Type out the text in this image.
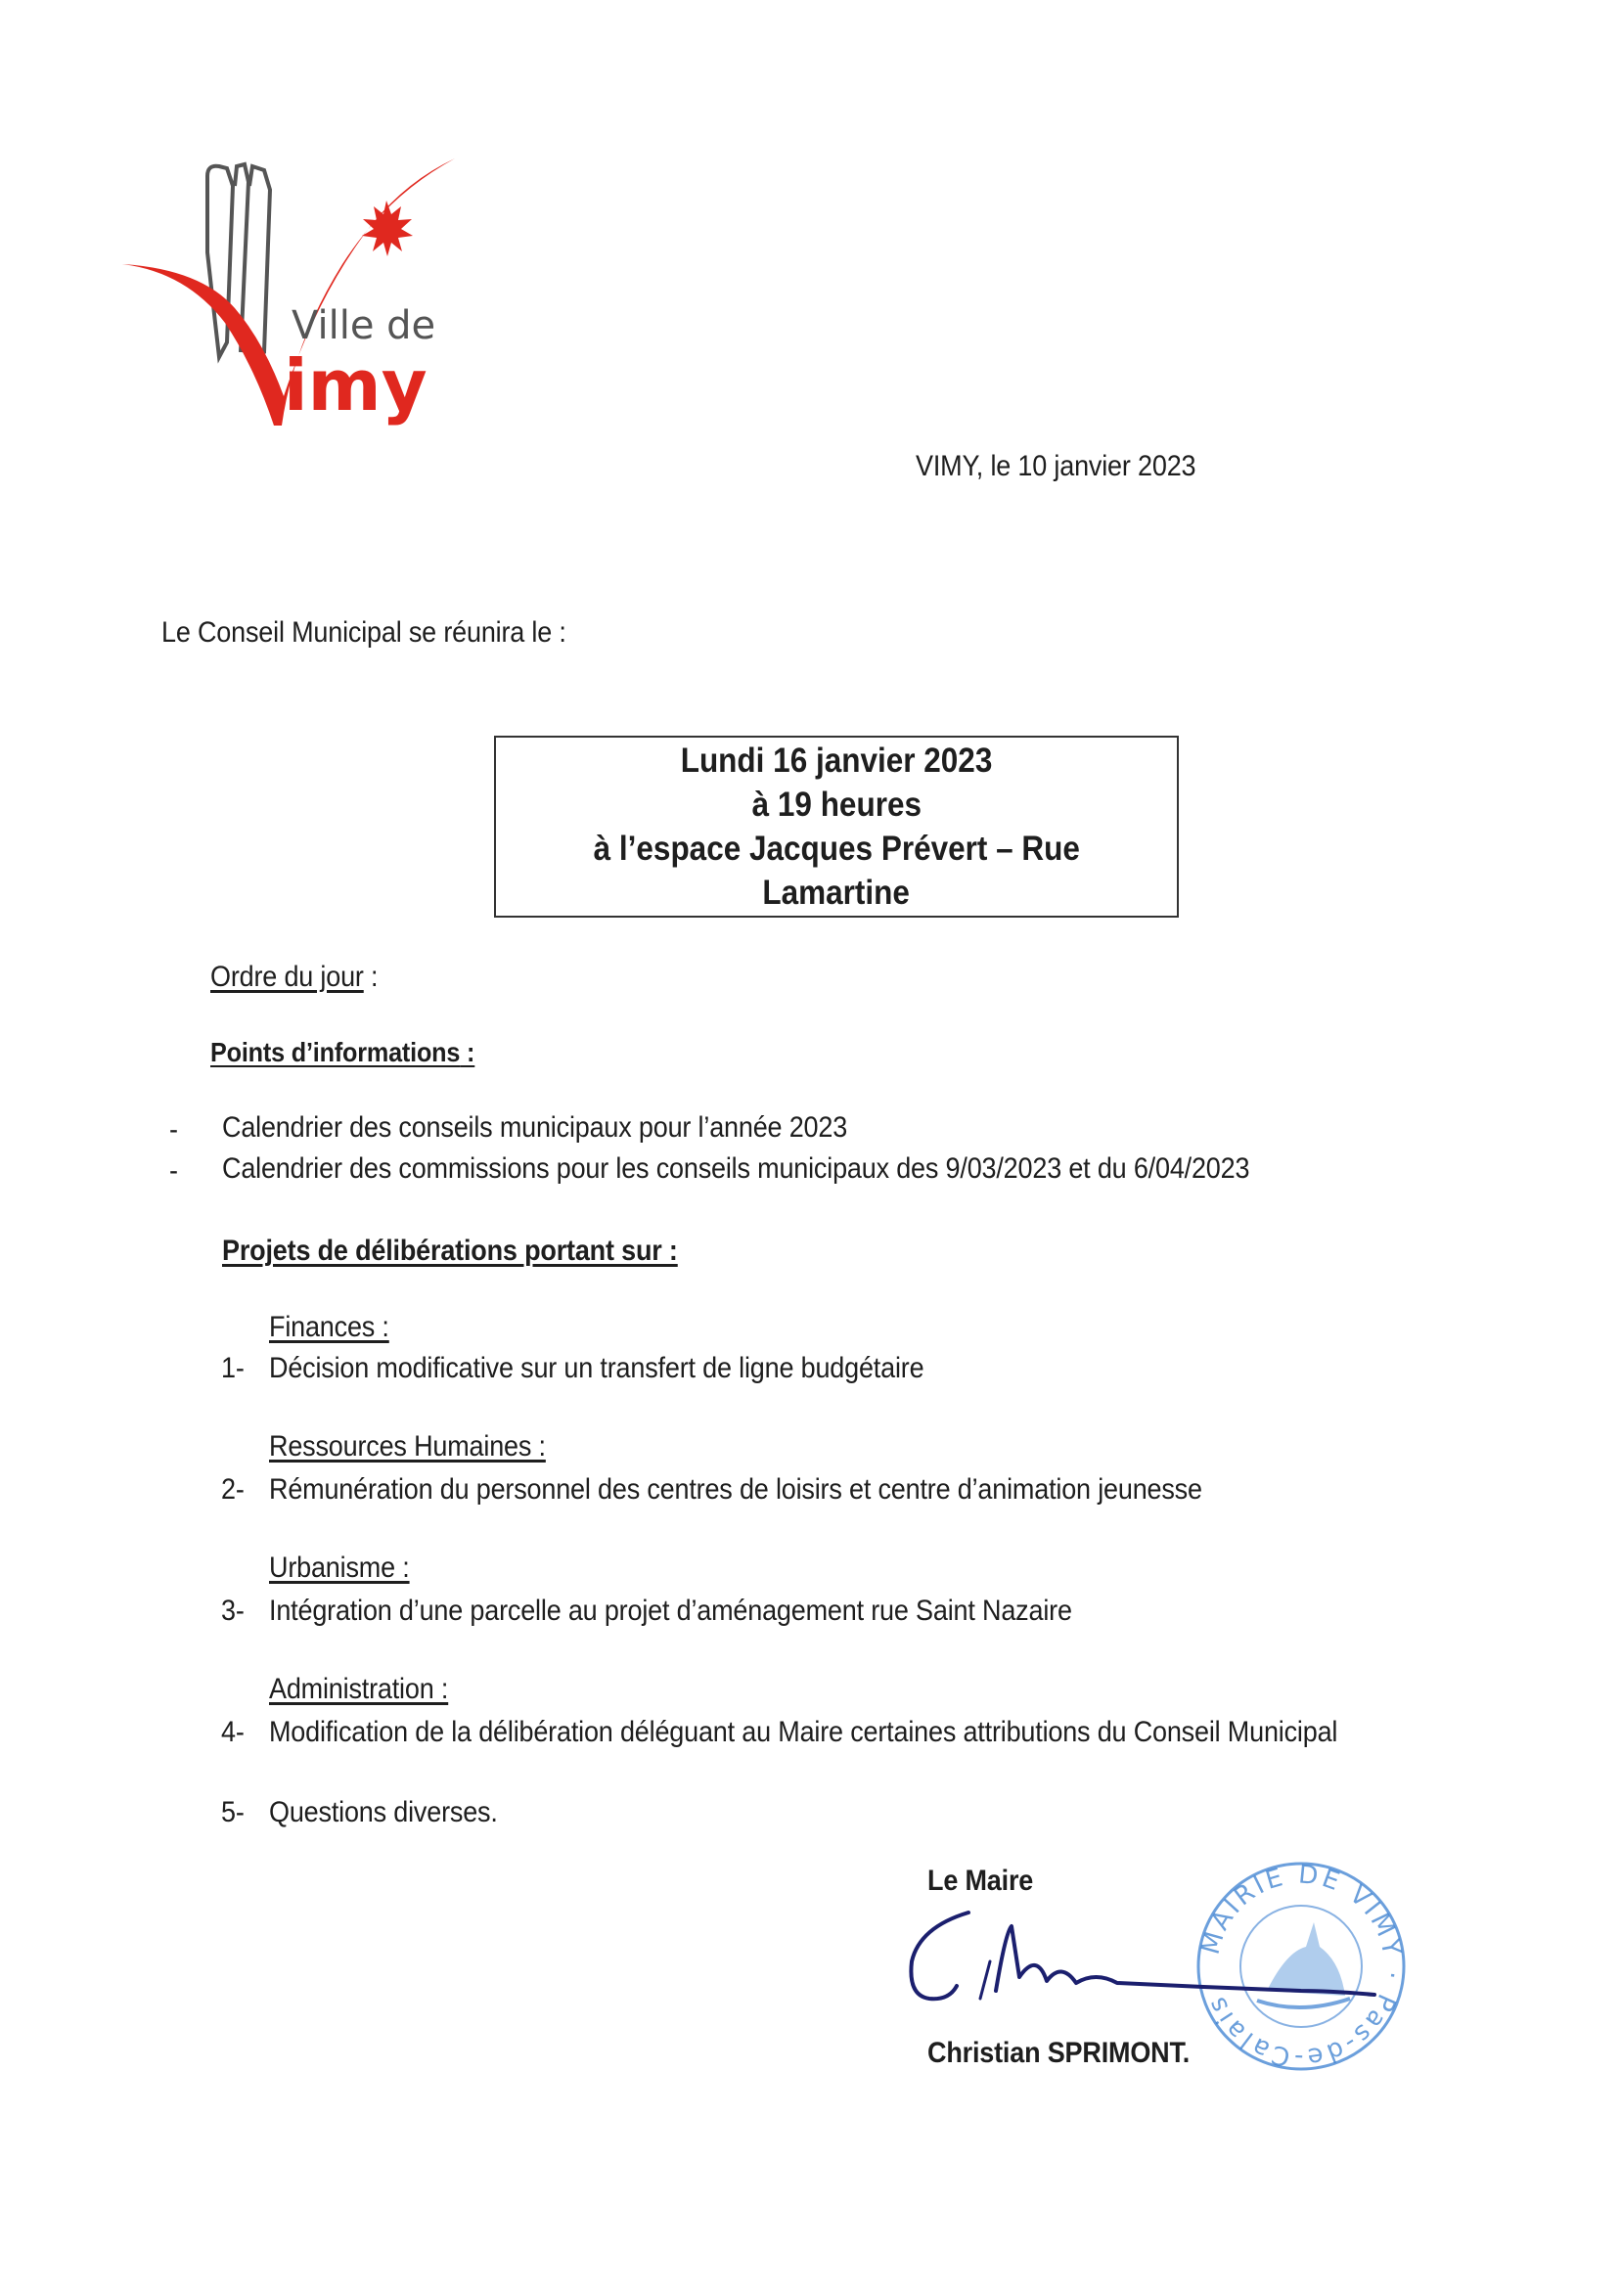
Ville de
imy
VIMY, le 10 janvier 2023
Le Conseil Municipal se réunira le :
Lundi 16 janvier 2023
à 19 heures
à l’espace Jacques Prévert – Rue
Lamartine
Ordre du jour :
Points d’informations :
- Calendrier des conseils municipaux pour l’année 2023
- Calendrier des commissions pour les conseils municipaux des 9/03/2023 et du 6/04/2023
Projets de délibérations portant sur :
Finances :
1- Décision modificative sur un transfert de ligne budgétaire
Ressources Humaines :
2- Rémunération du personnel des centres de loisirs et centre d’animation jeunesse
Urbanisme :
3- Intégration d’une parcelle au projet d’aménagement rue Saint Nazaire
Administration :
4- Modification de la délibération déléguant au Maire certaines attributions du Conseil Municipal
5- Questions diverses.
MAIRIE DE VIMY · Pas-de-Calais
Le Maire
Christian SPRIMONT.
